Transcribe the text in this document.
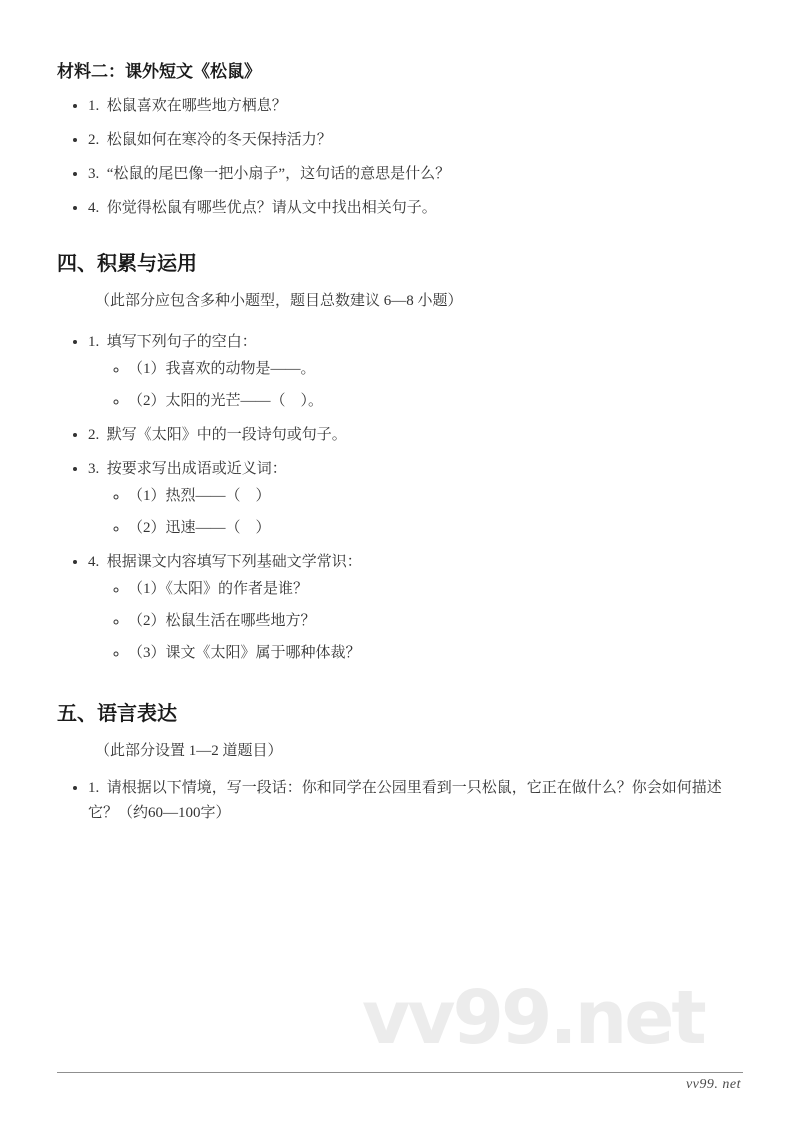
材料二：课外短文《松鼠》
• 1.  松鼠喜欢在哪些地方栖息？
• 2.  松鼠如何在寒冷的冬天保持活力？
• 3.  “松鼠的尾巴像一把小扇子”，这句话的意思是什么？
• 4.  你觉得松鼠有哪些优点？请从文中找出相关句子。
四、积累与运用

（此部分应包含多种小题型，题目总数建议 6—8 小题）

• 1.  填写下列句子的空白：
◦ （1）我喜欢的动物是——。
◦ （2）太阳的光芒——（　）。
• 2.  默写《太阳》中的一段诗句或句子。
• 3.  按要求写出成语或近义词：
◦ （1）热烈——（　）
◦ （2）迅速——（　）
• 4.  根据课文内容填写下列基础文学常识：
◦ （1）《太阳》的作者是谁？
◦ （2）松鼠生活在哪些地方？
◦ （3）课文《太阳》属于哪种体裁？
五、语言表达

（此部分设置 1—2 道题目）

• 1.  请根据以下情境，写一段话：你和同学在公园里看到一只松鼠，它正在做什么？你会如何描述它？（约60—100字）
vv99.net
vv99. net
